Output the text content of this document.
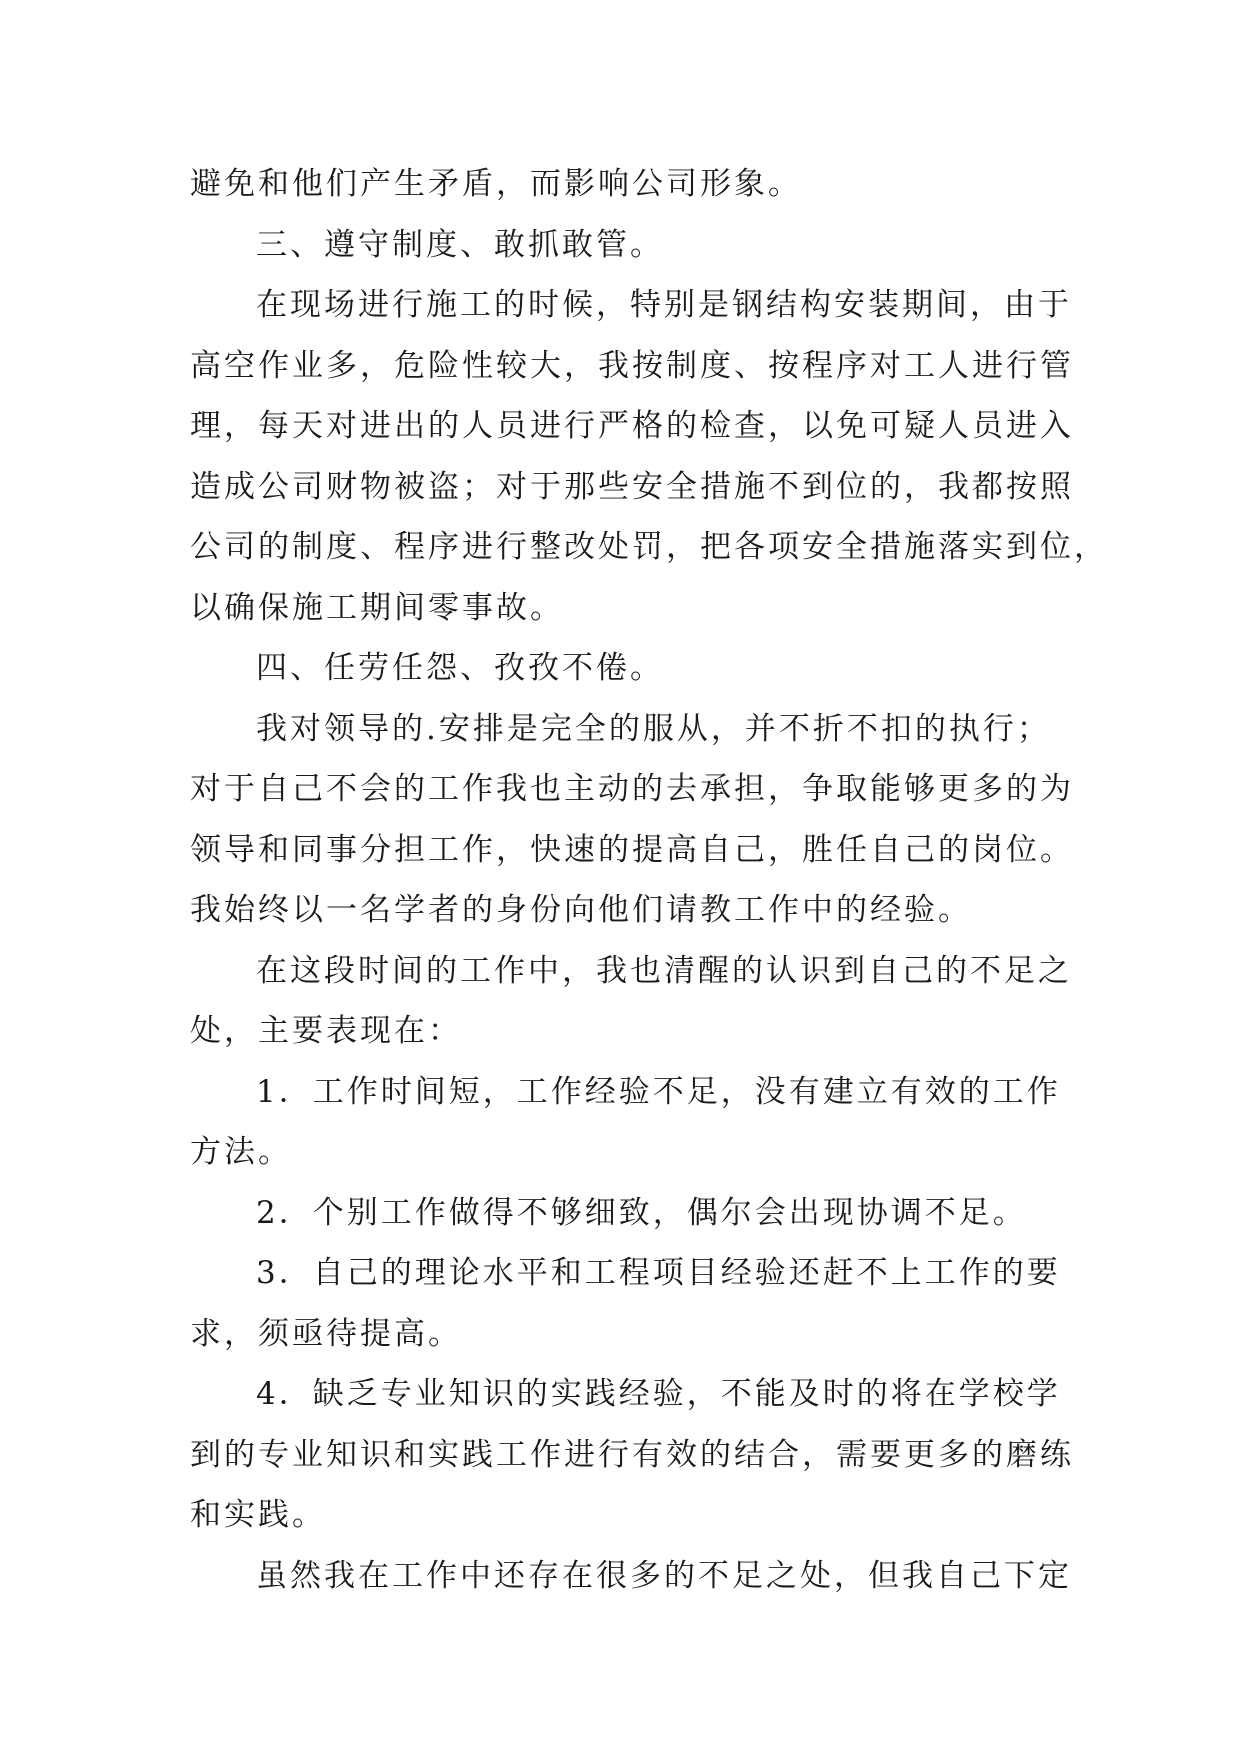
避免和他们产生矛盾，而影响公司形象。
三、遵守制度、敢抓敢管。
在现场进行施工的时候，特别是钢结构安装期间，由于
高空作业多，危险性较大，我按制度、按程序对工人进行管
理，每天对进出的人员进行严格的检查，以免可疑人员进入
造成公司财物被盗；对于那些安全措施不到位的，我都按照
公司的制度、程序进行整改处罚，把各项安全措施落实到位，
以确保施工期间零事故。
四、任劳任怨、孜孜不倦。
我对领导的.安排是完全的服从，并不折不扣的执行；
对于自己不会的工作我也主动的去承担，争取能够更多的为
领导和同事分担工作，快速的提高自己，胜任自己的岗位。
我始终以一名学者的身份向他们请教工作中的经验。
在这段时间的工作中，我也清醒的认识到自己的不足之
处，主要表现在：
1．工作时间短，工作经验不足，没有建立有效的工作
方法。
2．个别工作做得不够细致，偶尔会出现协调不足。
3．自己的理论水平和工程项目经验还赶不上工作的要
求，须亟待提高。
4．缺乏专业知识的实践经验，不能及时的将在学校学
到的专业知识和实践工作进行有效的结合，需要更多的磨练
和实践。
虽然我在工作中还存在很多的不足之处，但我自己下定
